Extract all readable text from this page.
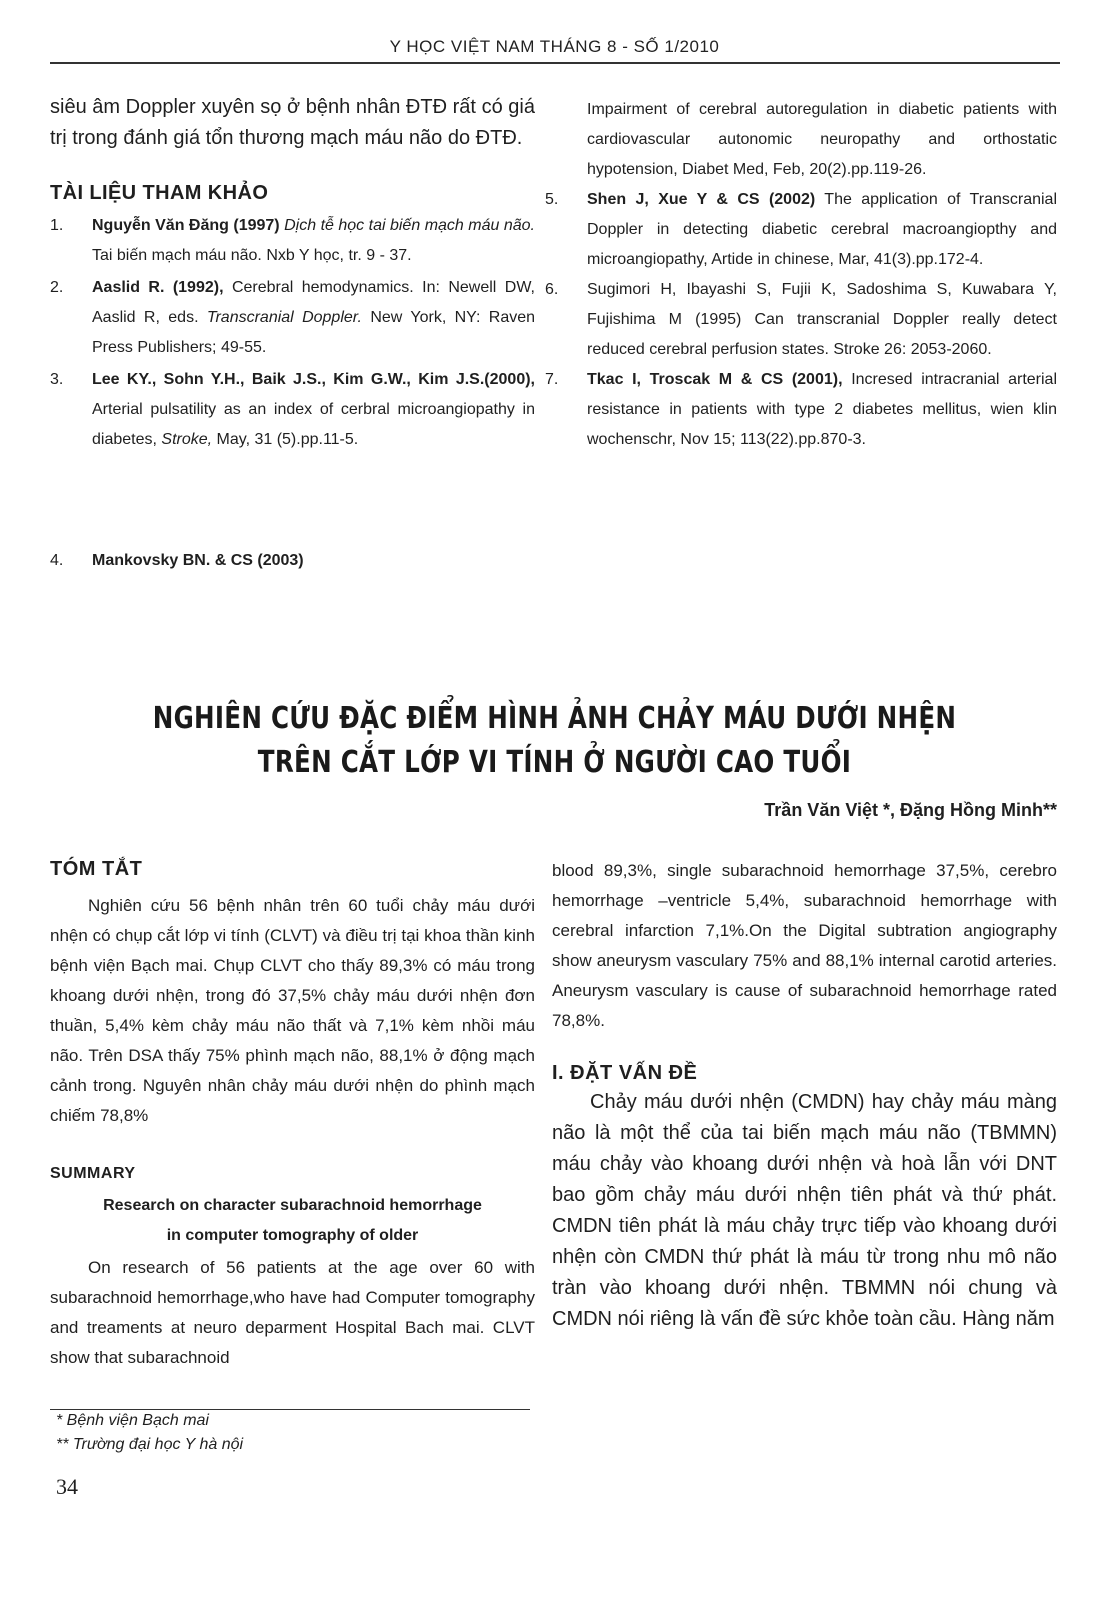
Y HỌC VIỆT NAM THÁNG 8 - SỐ 1/2010

siêu âm Doppler xuyên sọ ở bệnh nhân ĐTĐ rất có giá trị trong đánh giá tổn thương mạch máu não do ĐTĐ.

TÀI LIỆU THAM KHẢO

1. Nguyễn Văn Đăng (1997) Dịch tễ học tai biến mạch máu não. Tai biến mạch máu não. Nxb Y học, tr. 9 - 37.

2. Aaslid R. (1992), Cerebral hemodynamics. In: Newell DW, Aaslid R, eds. Transcranial Doppler. New York, NY: Raven Press Publishers; 49-55.

3. Lee KY., Sohn Y.H., Baik J.S., Kim G.W., Kim J.S.(2000), Arterial pulsatility as an index of cerbral microangiopathy in diabetes, Stroke, May, 31 (5).pp.11-5.

4. Mankovsky BN. & CS (2003)

Impairment of cerebral autoregulation in diabetic patients with cardiovascular autonomic neuropathy and orthostatic hypotension, Diabet Med, Feb, 20(2).pp.119-26.

5. Shen J, Xue Y & CS (2002) The application of Transcranial Doppler in detecting diabetic cerebral macroangiopthy and microangiopathy, Artide in chinese, Mar, 41(3).pp.172-4.

6. Sugimori H, Ibayashi S, Fujii K, Sadoshima S, Kuwabara Y, Fujishima M (1995) Can transcranial Doppler really detect reduced cerebral perfusion states. Stroke 26: 2053-2060.

7. Tkac I, Troscak M & CS (2001), Incresed intracranial arterial resistance in patients with type 2 diabetes mellitus, wien klin wochenschr, Nov 15; 113(22).pp.870-3.

NGHIÊN CỨU ĐẶC ĐIỂM HÌNH ẢNH CHẢY MÁU DƯỚI NHỆN
TRÊN CẮT LỚP VI TÍNH Ở NGƯỜI CAO TUỔI
Trần Văn Việt *, Đặng Hồng Minh**

TÓM TẮT

Nghiên cứu 56 bệnh nhân trên 60 tuổi chảy máu dưới nhện có chụp cắt lớp vi tính (CLVT) và điều trị tại khoa thần kinh bệnh viện Bạch mai. Chụp CLVT cho thấy 89,3% có máu trong khoang dưới nhện, trong đó 37,5% chảy máu dưới nhện đơn thuần, 5,4% kèm chảy máu não thất và 7,1% kèm nhồi máu não. Trên DSA thấy 75% phình mạch não, 88,1% ở động mạch cảnh trong. Nguyên nhân chảy máu dưới nhện do phình mạch chiếm 78,8%

SUMMARY

Research on character subarachnoid hemorrhage

in computer tomography of older

On research of 56 patients at the age over 60 with subarachnoid hemorrhage,who have had Computer tomography and treaments at neuro deparment Hospital Bach mai. CLVT show that subarachnoid

blood 89,3%, single subarachnoid hemorrhage 37,5%, cerebro hemorrhage –ventricle 5,4%, subarachnoid hemorrhage with cerebral infarction 7,1%.On the Digital subtration angiography show aneurysm vasculary 75% and 88,1% internal carotid arteries. Aneurysm vasculary is cause of subarachnoid hemorrhage rated 78,8%.

I. ĐẶT VẤN ĐỀ

Chảy máu dưới nhện (CMDN) hay chảy máu màng não là một thể của tai biến mạch máu não (TBMMN) máu chảy vào khoang dưới nhện và hoà lẫn với DNT bao gồm chảy máu dưới nhện tiên phát và thứ phát. CMDN tiên phát là máu chảy trực tiếp vào khoang dưới nhện còn CMDN thứ phát là máu từ trong nhu mô não tràn vào khoang dưới nhện. TBMMN nói chung và CMDN nói riêng là vấn đề sức khỏe toàn cầu. Hàng năm

* Bệnh viện Bạch mai
** Trường đại học Y hà nội
34
